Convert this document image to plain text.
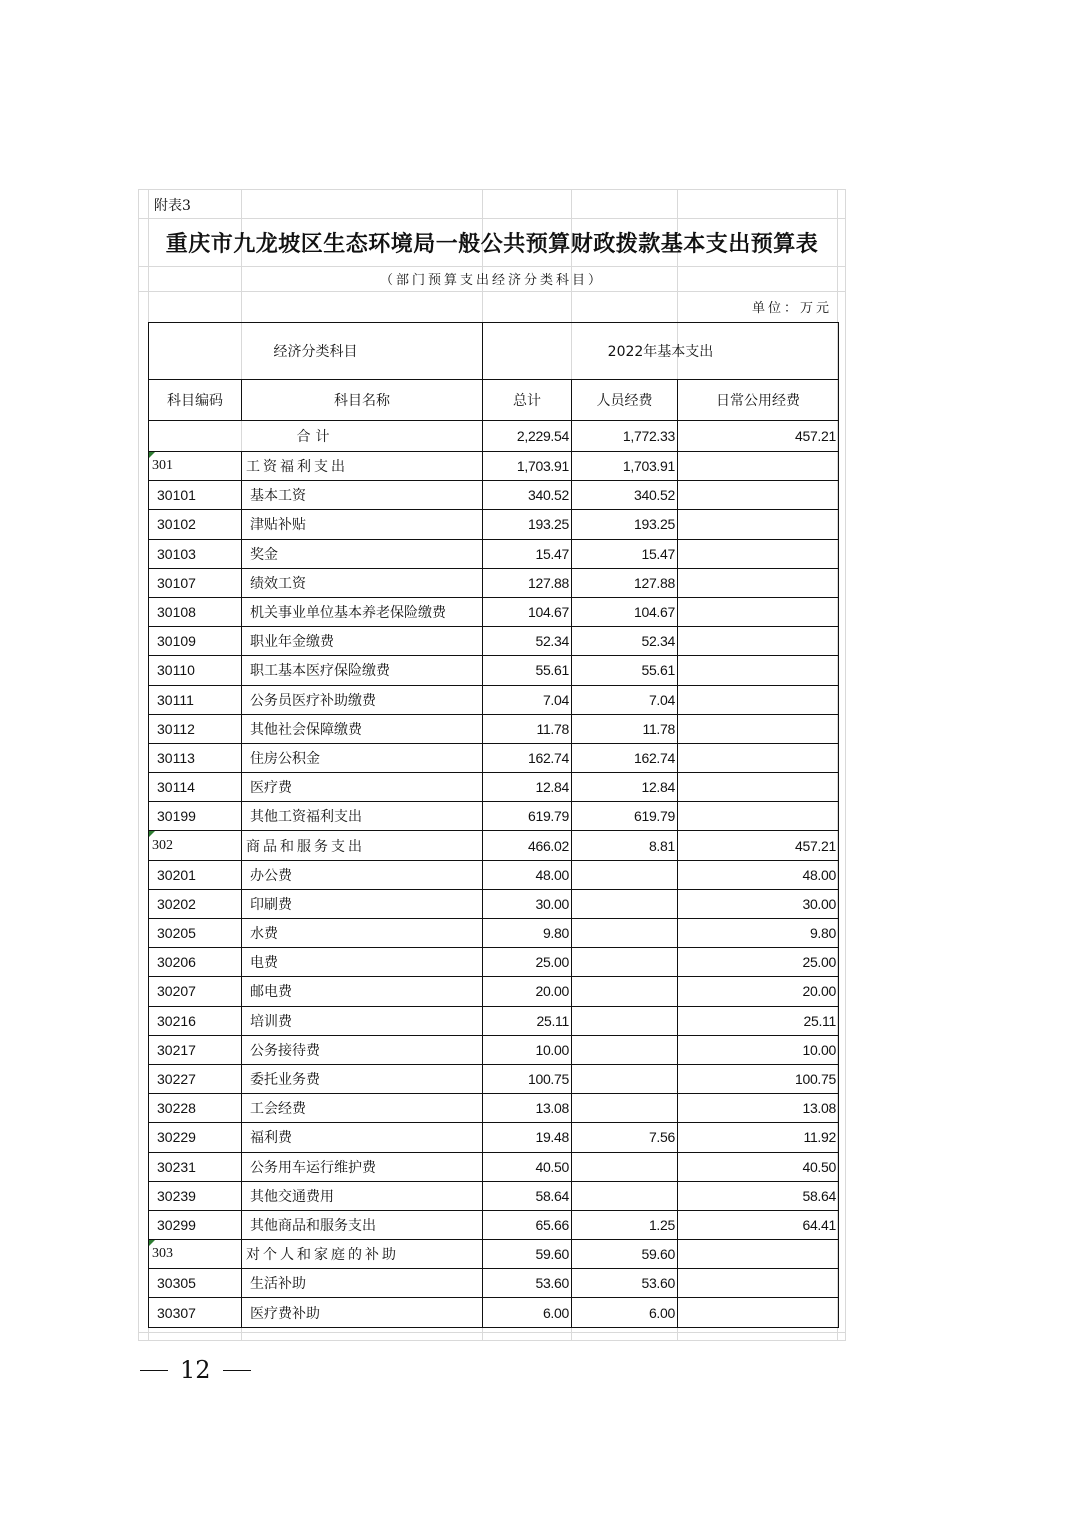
附表3
重庆市九龙坡区生态环境局一般公共预算财政拨款基本支出预算表
（部门预算支出经济分类科目）
单位：万元
经济分类科目		2022年基本支出		
科目编码	科目名称	总计	人员经费	日常公用经费
合计		2,229.54	1,772.33	457.21

301	工资福利支出	1,703.91	1,703.91	
30101	基本工资	340.52	340.52	
30102	津贴补贴	193.25	193.25	
30103	奖金	15.47	15.47	
30107	绩效工资	127.88	127.88	
30108	机关事业单位基本养老保险缴费	104.67	104.67	
30109	职业年金缴费	52.34	52.34	
30110	职工基本医疗保险缴费	55.61	55.61	
30111	公务员医疗补助缴费	7.04	7.04	
30112	其他社会保障缴费	11.78	11.78	
30113	住房公积金	162.74	162.74	
30114	医疗费	12.84	12.84	
30199	其他工资福利支出	619.79	619.79	

302	商品和服务支出	466.02	8.81	457.21
30201	办公费	48.00		48.00
30202	印刷费	30.00		30.00
30205	水费	9.80		9.80
30206	电费	25.00		25.00
30207	邮电费	20.00		20.00
30216	培训费	25.11		25.11
30217	公务接待费	10.00		10.00
30227	委托业务费	100.75		100.75
30228	工会经费	13.08		13.08
30229	福利费	19.48	7.56	11.92
30231	公务用车运行维护费	40.50		40.50
30239	其他交通费用	58.64		58.64
30299	其他商品和服务支出	65.66	1.25	64.41

303	对个人和家庭的补助	59.60	59.60	
30305	生活补助	53.60	53.60	
30307	医疗费补助	6.00	6.00	
12
